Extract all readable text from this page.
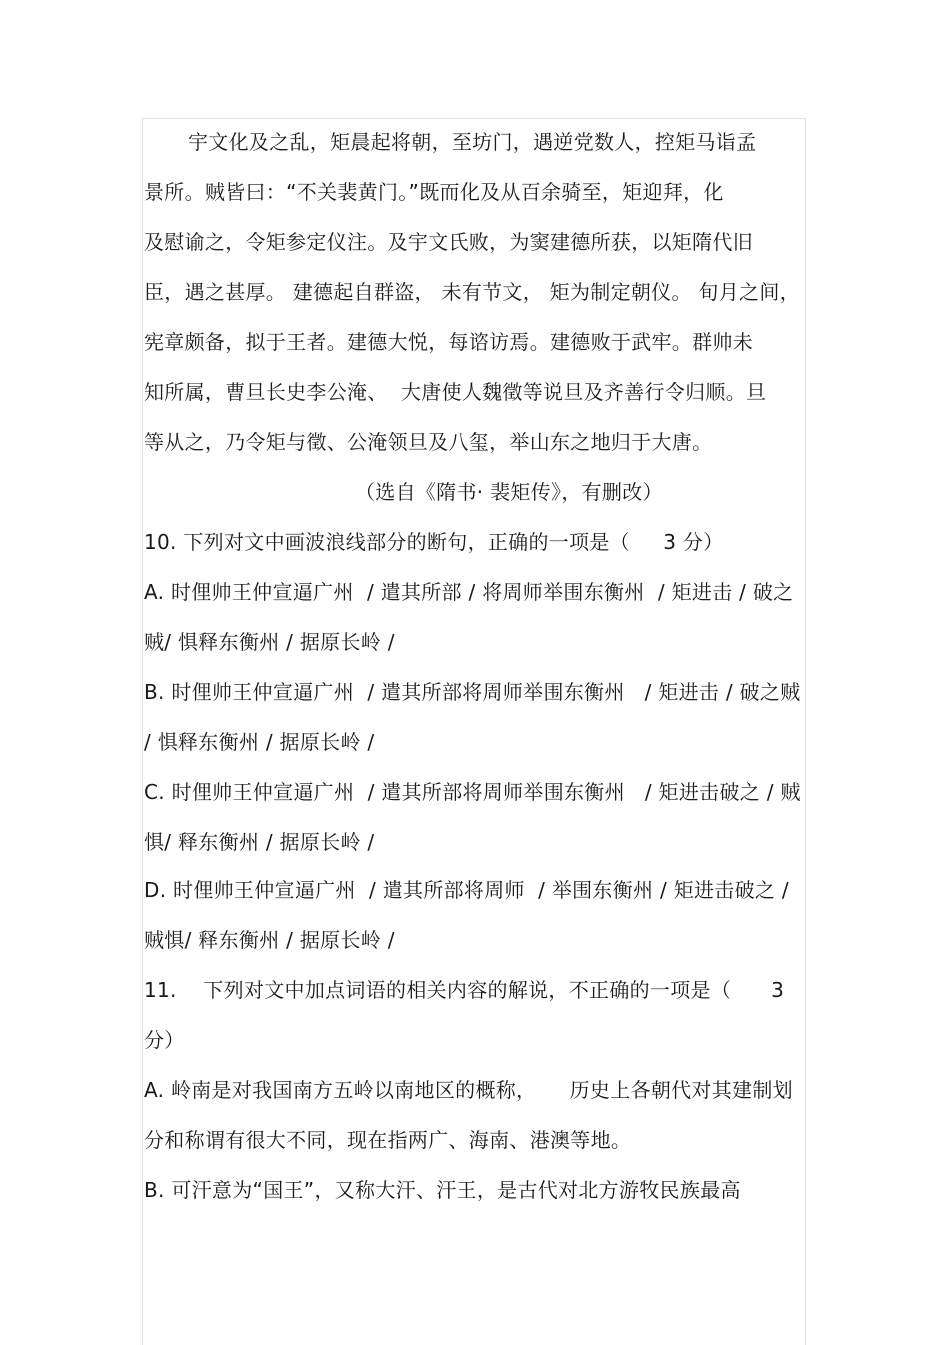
宇文化及之乱，矩晨起将朝，至坊门，遇逆党数人，控矩马诣孟
景所。贼皆曰：“不关裴黄门。”既而化及从百余骑至，矩迎拜，化
及慰谕之，令矩参定仪注。及宇文氏败，为窦建德所获，以矩隋代旧
臣，遇之甚厚。 建德起自群盗， 未有节文， 矩为制定朝仪。 旬月之间，
宪章颇备，拟于王者。建德大悦，每谘访焉。建德败于武牢。群帅未
知所属，曹旦长史李公淹、  大唐使人魏徵等说旦及齐善行令归顺。旦
等从之，乃令矩与徵、公淹领旦及八玺，举山东之地归于大唐。
（选自《隋书· 裴矩传》，有删改）
10. 下列对文中画波浪线部分的断句，正确的一项是（     3 分）
A. 时俚帅王仲宣逼广州  / 遣其所部 / 将周师举围东衡州  / 矩进击 / 破之
贼/ 惧释东衡州 / 据原长岭 /
B. 时俚帅王仲宣逼广州  / 遣其所部将周师举围东衡州   / 矩进击 / 破之贼
/ 惧释东衡州 / 据原长岭 /
C. 时俚帅王仲宣逼广州  / 遣其所部将周师举围东衡州   / 矩进击破之 / 贼
惧/ 释东衡州 / 据原长岭 /
D. 时俚帅王仲宣逼广州  / 遣其所部将周师  / 举围东衡州 / 矩进击破之 /
贼惧/ 释东衡州 / 据原长岭 /
11.    下列对文中加点词语的相关内容的解说，不正确的一项是（      3
分）
A. 岭南是对我国南方五岭以南地区的概称，     历史上各朝代对其建制划
分和称谓有很大不同，现在指两广、海南、港澳等地。
B. 可汗意为“国王”，又称大汗、汗王，是古代对北方游牧民族最高
